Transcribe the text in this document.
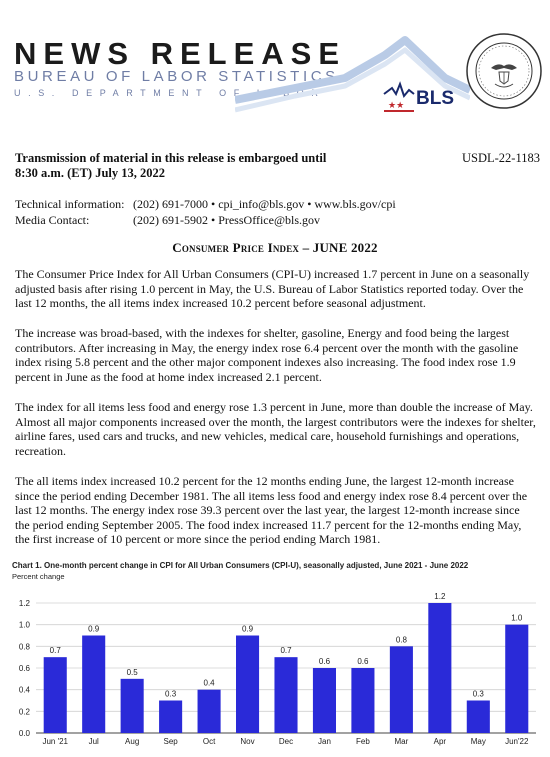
NEWS RELEASE
BUREAU OF LABOR STATISTICS
U.S. DEPARTMENT OF LABOR
★★ BLS
Transmission of material in this release is embargoed until
8:30 a.m. (ET) July 13, 2022
USDL-22-1183
Technical information: (202) 691-7000 • cpi_info@bls.gov • www.bls.gov/cpi
Media Contact:	(202) 691-5902 • PressOffice@bls.gov
Consumer Price Index – JUNE 2022
The Consumer Price Index for All Urban Consumers (CPI-U) increased 1.7 percent in June on a seasonally adjusted basis after rising 1.0 percent in May, the U.S. Bureau of Labor Statistics reported today. Over the last 12 months, the all items index increased 10.2 percent before seasonal adjustment.
The increase was broad-based, with the indexes for shelter, gasoline, Energy and food being the largest contributors. After increasing in May, the energy index rose 6.4 percent over the month with the gasoline index rising 5.8 percent and the other major component indexes also increasing. The food index rose 1.9 percent in June as the food at home index increased 2.1 percent.
The index for all items less food and energy rose 1.3 percent in June, more than double the increase of May. Almost all major components increased over the month, the largest contributors were the indexes for shelter, airline fares, used cars and trucks, and new vehicles, medical care, household furnishings and operations, recreation.
The all items index increased 10.2 percent for the 12 months ending June, the largest 12-month increase since the period ending December 1981. The all items less food and energy index rose 8.4 percent over the last 12 months. The energy index rose 39.3 percent over the last year, the largest 12-month increase since the period ending September 2005. The food index increased 11.7 percent for the 12-months ending May, the first increase of 10 percent or more since the period ending March 1981.
Chart 1. One-month percent change in CPI for All Urban Consumers (CPI-U), seasonally adjusted, June 2021 - June 2022
Percent change
0.0
0.2
0.4
0.6
0.8
1.0
1.2
0.7
Jun '21
0.9
Jul
0.5
Aug
0.3
Sep
0.4
Oct
0.9
Nov
0.7
Dec
0.6
Jan
0.6
Feb
0.8
Mar
1.2
Apr
0.3
May
1.0
Jun'22
